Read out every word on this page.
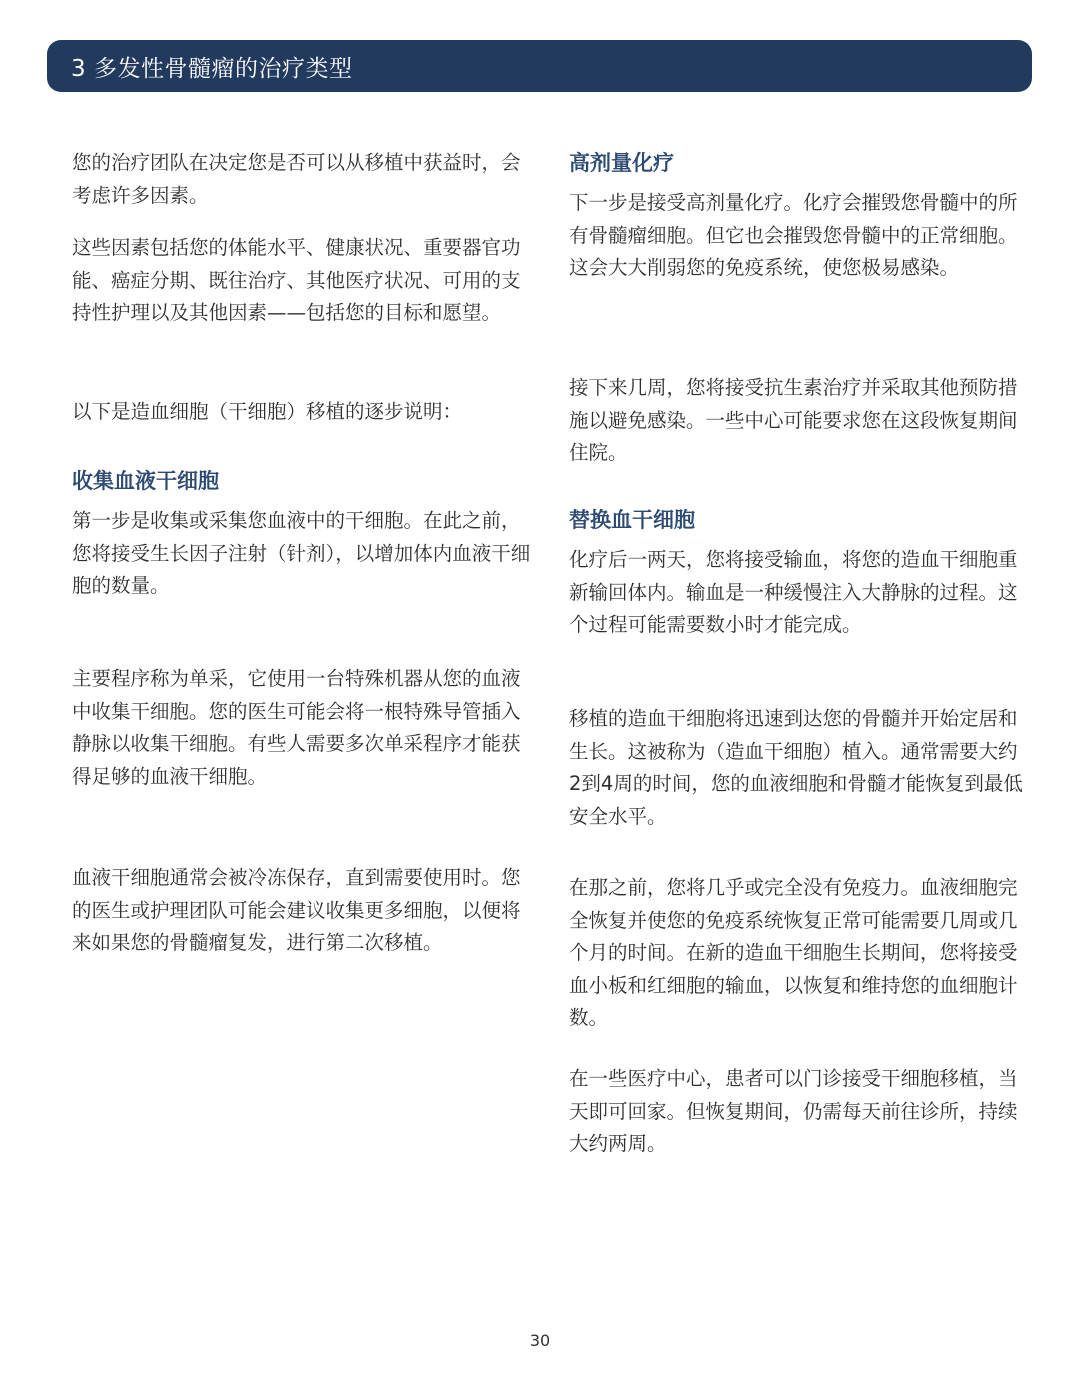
3 多发性骨髓瘤的治疗类型

您的治疗团队在决定您是否可以从移植中获益时，会考虑许多因素。

这些因素包括您的体能水平、健康状况、重要器官功能、癌症分期、既往治疗、其他医疗状况、可用的支持性护理以及其他因素——包括您的目标和愿望。

以下是造血细胞（干细胞）移植的逐步说明：

收集血液干细胞

第一步是收集或采集您血液中的干细胞。在此之前，您将接受生长因子注射（针剂），以增加体内血液干细胞的数量。

主要程序称为单采，它使用一台特殊机器从您的血液中收集干细胞。您的医生可能会将一根特殊导管插入静脉以收集干细胞。有些人需要多次单采程序才能获得足够的血液干细胞。

血液干细胞通常会被冷冻保存，直到需要使用时。您的医生或护理团队可能会建议收集更多细胞，以便将来如果您的骨髓瘤复发，进行第二次移植。

高剂量化疗

下一步是接受高剂量化疗。化疗会摧毁您骨髓中的所有骨髓瘤细胞。但它也会摧毁您骨髓中的正常细胞。这会大大削弱您的免疫系统，使您极易感染。

接下来几周，您将接受抗生素治疗并采取其他预防措施以避免感染。一些中心可能要求您在这段恢复期间住院。

替换血干细胞

化疗后一两天，您将接受输血，将您的造血干细胞重新输回体内。输血是一种缓慢注入大静脉的过程。这个过程可能需要数小时才能完成。

移植的造血干细胞将迅速到达您的骨髓并开始定居和生长。这被称为（造血干细胞）植入。通常需要大约2到4周的时间，您的血液细胞和骨髓才能恢复到最低安全水平。

在那之前，您将几乎或完全没有免疫力。血液细胞完全恢复并使您的免疫系统恢复正常可能需要几周或几个月的时间。在新的造血干细胞生长期间，您将接受血小板和红细胞的输血，以恢复和维持您的血细胞计数。

在一些医疗中心，患者可以门诊接受干细胞移植，当天即可回家。但恢复期间，仍需每天前往诊所，持续大约两周。

30
